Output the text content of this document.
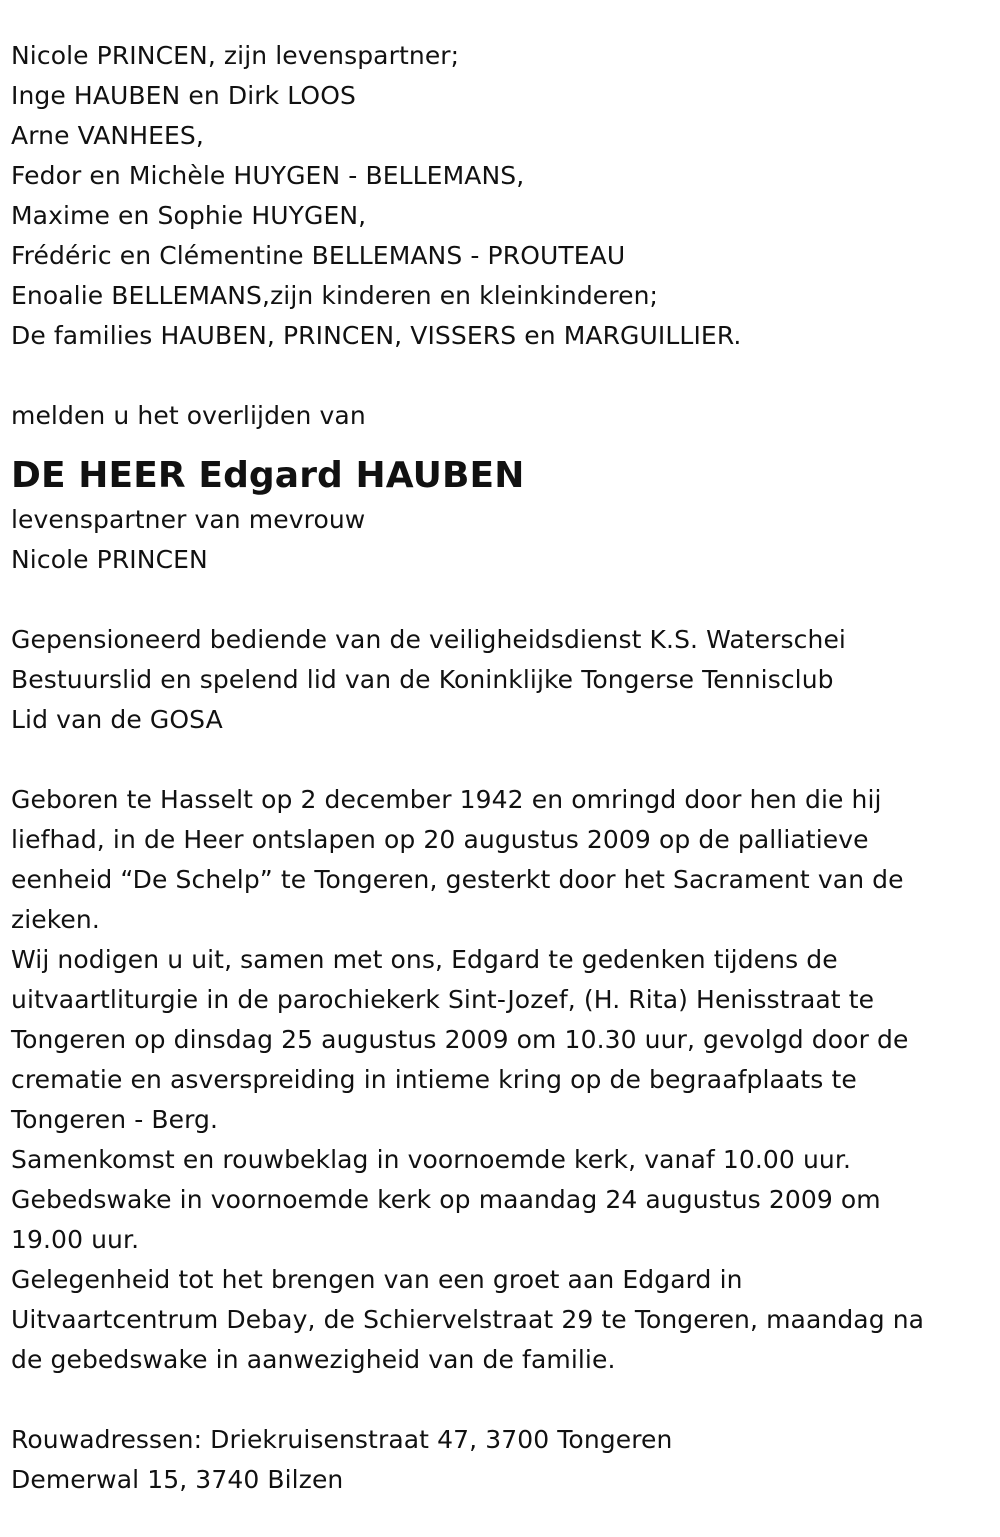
Nicole PRINCEN, zijn levenspartner;
Inge HAUBEN en Dirk LOOS
Arne VANHEES,
Fedor en Michèle HUYGEN - BELLEMANS,
Maxime en Sophie HUYGEN,
Frédéric en Clémentine BELLEMANS - PROUTEAU
Enoalie BELLEMANS,zijn kinderen en kleinkinderen;
De families HAUBEN, PRINCEN, VISSERS en MARGUILLIER.
melden u het overlijden van
DE HEER Edgard HAUBEN
levenspartner van mevrouw
Nicole PRINCEN
Gepensioneerd bediende van de veiligheidsdienst K.S. Waterschei
Bestuurslid en spelend lid van de Koninklijke Tongerse Tennisclub
Lid van de GOSA
Geboren te Hasselt op 2 december 1942 en omringd door hen die hij
liefhad, in de Heer ontslapen op 20 augustus 2009 op de palliatieve
eenheid “De Schelp” te Tongeren, gesterkt door het Sacrament van de
zieken.
Wij nodigen u uit, samen met ons, Edgard te gedenken tijdens de
uitvaartliturgie in de parochiekerk Sint-Jozef, (H. Rita) Henisstraat te
Tongeren op dinsdag 25 augustus 2009 om 10.30 uur, gevolgd door de
crematie en asverspreiding in intieme kring op de begraafplaats te
Tongeren - Berg.
Samenkomst en rouwbeklag in voornoemde kerk, vanaf 10.00 uur.
Gebedswake in voornoemde kerk op maandag 24 augustus 2009 om
19.00 uur.
Gelegenheid tot het brengen van een groet aan Edgard in
Uitvaartcentrum Debay, de Schiervelstraat 29 te Tongeren, maandag na
de gebedswake in aanwezigheid van de familie.
Rouwadressen: Driekruisenstraat 47, 3700 Tongeren
Demerwal 15, 3740 Bilzen
